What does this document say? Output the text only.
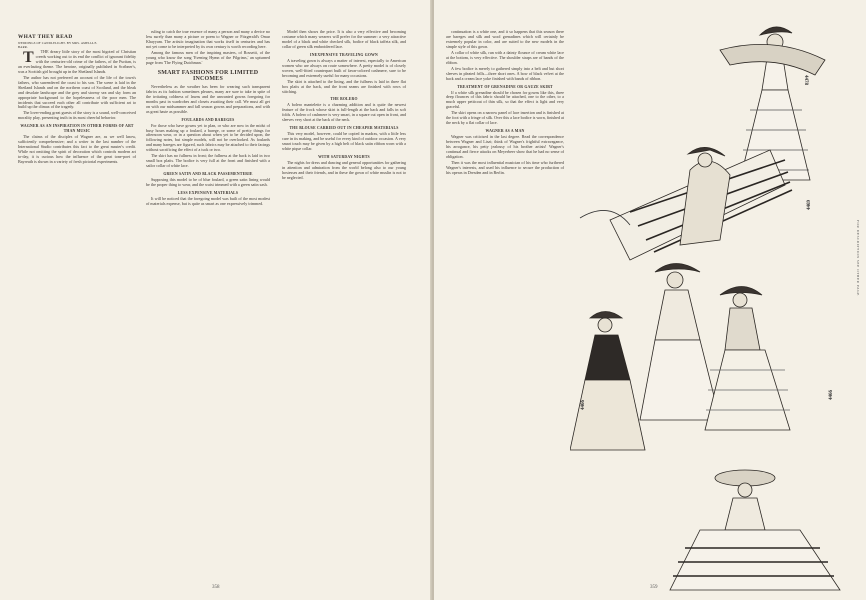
WHAT THEY READ
WEDDINGS OF CANDLELIGHT. BY MRS. AMELIA E. BARR.

T THE dreary little story of the most bigoted of Christian creeds working out to its end the conflict of ignorant fidelity with the centuries-old crime of the fathers, of the Puritan, is an everlasting theme. The heroine, originally published in Scribner's, was a Scottish girl brought up in the Shetland Islands.

The author has not preferred an account of the life of the town's fathers, who surrendered the coast to his son. The scene is laid in the Shetland Islands and on the northern coast of Scotland, and the bleak and desolate landscape and the grey and stormy sea and sky form an appropriate background to the hopelessness of the poor men. The incidents that succeed each other all contribute with sufficient art to build up the climax of the tragedy.

The lover-ending great guests of the story is a sound, well-conceived morality play, presenting truth in its most cheerful behavior.

WAGNER AS AN INSPIRATION IN OTHER FORMS OF ART THAN MUSIC

The claims of the disciples of Wagner are, as we well know, sufficiently comprehensive; and a writer in the last number of the International Studio contributes this fact to the great master's credit. While not omitting the spirit of decoration which controls modern art to-day, it is curious how the influence of the great tone-poet of Bayreuth is shown in a variety of fresh pictorial experiments.

ruling to catch the true essence of many a person and many a device no less surely than many a picture or poem to Wagner or Fitzgerald's Omar Khayyam. The artistic imagination that works itself in centuries and has not yet come to be interpreted by its own century is worth recording here.

Among the famous men of the inspiring masters, of Rossetti, of the young who know the song 'Evening Hymn of the Pilgrims,' an upturned page from 'The Flying Dutchman.'

SMART FASHIONS FOR LIMITED INCOMES

Nevertheless as the weather has been for wearing such transparent fabrics as its fashion sometimes pleases, many are sure to take in spite of the irritating coldness of lawns and the unwanted gowns foregoing for months past in wardrobes and closets awaiting their call. We must all get on with our midsummer and fall season gowns and preparations, and with as great haste as possible.

FOULARDS AND BAREGES

For those who have gowns yet to plan, or who are now in the midst of busy hours making up a foulard, a barege, or some of pretty things for afternoon wear, or in a question about when yet to be decided upon, the following notes, but simple models, will not be overlooked. As foulards and many bareges are figured, such fabrics may be attached to their facings without sacrificing the effect of a tuck or two.

The skirt has no fullness in front; the fullness at the back is laid in two small box plaits. The bodice is very full at the front and finished with a sailor collar of white lace.

GREEN SATIN AND BLACK PASSEMENTERIE

Supposing this model to be of blue foulard, a green satin lining would be the proper thing to wear, and the waist trimmed with a green satin sash.

LESS EXPENSIVE MATERIALS

It will be noticed that the foregoing model was built of the most modest of materials expense, but is quite as smart as one expressively trimmed.

Model then shows the price. It is also a very effective and becoming costume which many wearers will prefer for the summer: a very attractive model of a black and white checked silk, bodice of black taffeta silk, and collar of green silk embroidered lace.

INEXPENSIVE TRAVELING GOWN

A traveling gown is always a matter of interest, especially to American women who are always on route somewhere. A pretty model is of closely woven, well-fitted counterpart built of fawn-colored cashmere, sure to be becoming and extremely useful for many occasions.

The skirt is attached to the lining, and the fullness is laid in three flat box plaits at the back, and the front seams are finished with rows of stitching.

THE BOLERO

A bolero mantelette is a charming addition and is quite the newest feature of the frock whose skirt is full-length at the back and falls in soft folds. A bolero of cashmere is very smart, in a square cut open in front, and sleeves very short at the back of the neck.

THE BLOUSE CARRIED OUT IN CHEAPER MATERIALS

This very model, however, could be copied in madras, with a little less care in its making, and be useful for every kind of outdoor occasion. A very smart touch may be given by a high belt of black satin ribbon worn with a white pique collar.

WITH SATURDAY NIGHTS

The nights for dress and dancing and general opportunities for gathering in attention and admiration from the world belong also to our young hostesses and their friends, and in these the gown of white muslin is not to be neglected.

358

continuation is a white one, and it so happens that this season there are bareges and silk and wool grenadines which will certainly be extremely popular in color, and are suited to the new models in the simple style of this gown.

A collar of white silk, run with a dainty flounce of cream white lace at the bottom, is very effective. The shoulder straps are of bands of the ribbon.

A few bodice is merely to gathered simply into a belt and but short sleeves in pleated frills—three short ones. A bow of black velvet at the back and a cream lace yoke finished with bands of ribbon.

TREATMENT OF GRENADINE OR GAUZE SKIRT

If a white silk grenadine should be chosen for gowns like this, three deep flounces of this fabric should be attached, one to the other, to a much upper petticoat of thin silk, so that the effect is light and very graceful.

The skirt opens on a narrow panel of lace insertion and is finished at the foot with a fringe of silk. Over this a lace bodice is worn, finished at the neck by a flat collar of lace.

WAGNER AS A MAN

Wagner was criticised in the last degree. Read the correspondence between Wagner and Liszt; think of Wagner's frightful extravagance, his arrogance, his petty jealousy of his brother artists! Wagner's continual and fierce attacks on Meyerbeer show that he had no sense of obligation.

Then it was the most influential musician of his time who furthered Wagner's interests, and used his influence to secure the production of his operas in Dresden and in Berlin.

4478
4469
4466
4466
FOR DESCRIPTION SEE OTHER PAGE
359
